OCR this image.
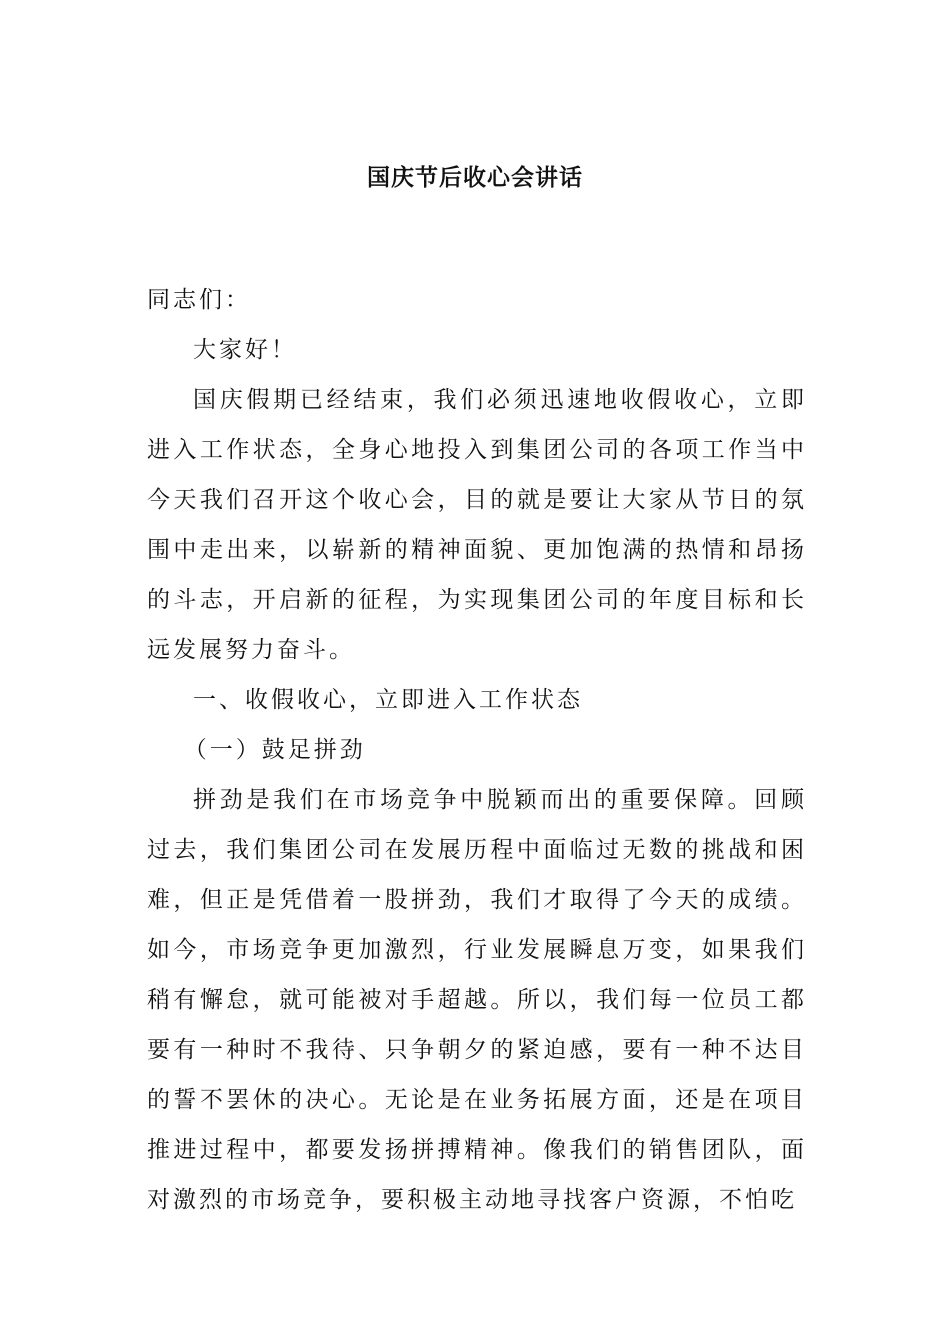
国庆节后收心会讲话

同志们：

大家好！

国庆假期已经结束，我们必须迅速地收假收心，立即进入工作状态，全身心地投入到集团公司的各项工作当中今天我们召开这个收心会，目的就是要让大家从节日的氛围中走出来，以崭新的精神面貌、更加饱满的热情和昂扬的斗志，开启新的征程，为实现集团公司的年度目标和长远发展努力奋斗。

一、收假收心，立即进入工作状态

（一）鼓足拼劲

拼劲是我们在市场竞争中脱颖而出的重要保障。回顾过去，我们集团公司在发展历程中面临过无数的挑战和困难，但正是凭借着一股拼劲，我们才取得了今天的成绩。如今，市场竞争更加激烈，行业发展瞬息万变，如果我们稍有懈怠，就可能被对手超越。所以，我们每一位员工都要有一种时不我待、只争朝夕的紧迫感，要有一种不达目的誓不罢休的决心。无论是在业务拓展方面，还是在项目推进过程中，都要发扬拼搏精神。像我们的销售团队，面对激烈的市场竞争，要积极主动地寻找客户资源，不怕吃
